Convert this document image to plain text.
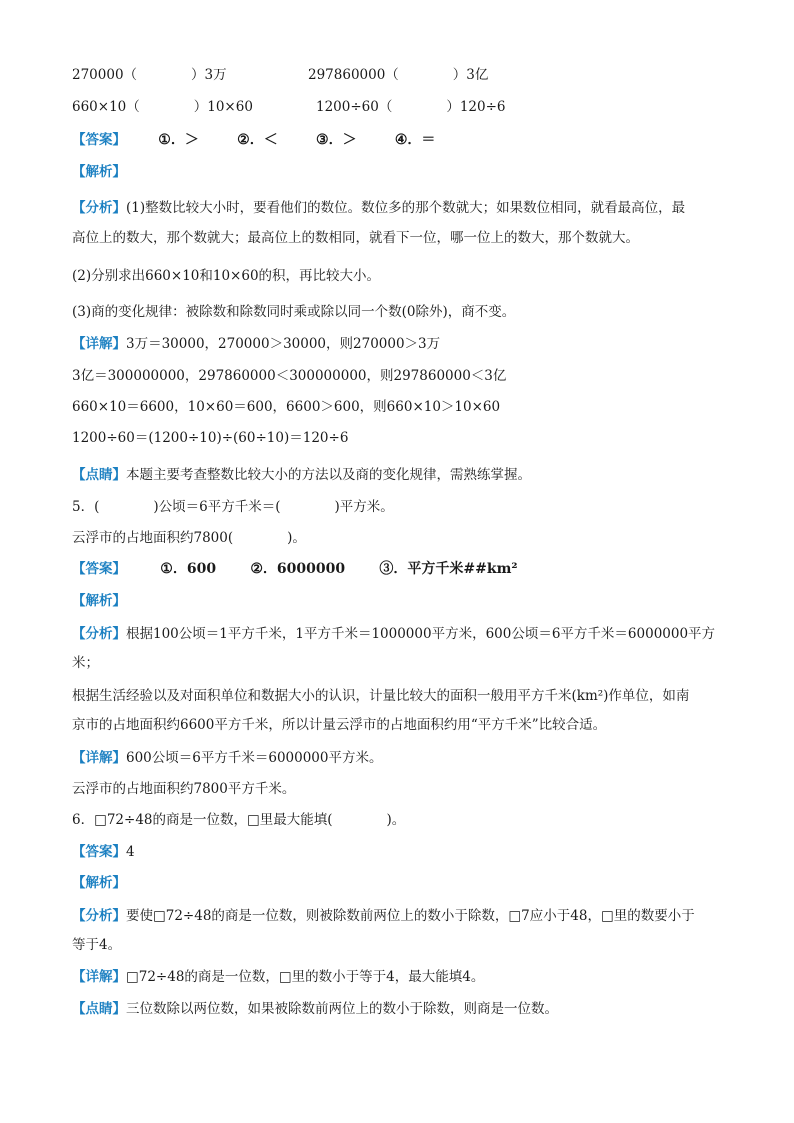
270000（　　　　）3万	297860000（　　　　）3亿
660×10（　　　　）10×60	1200÷60（　　　　）120÷6
【答案】 ①．＞	②．＜	③．＞	④．＝
【解析】
【分析】(1)整数比较大小时，要看他们的数位。数位多的那个数就大；如果数位相同，就看最高位，最
高位上的数大，那个数就大；最高位上的数相同，就看下一位，哪一位上的数大，那个数就大。
(2)分别求出660×10和10×60的积，再比较大小。
(3)商的变化规律：被除数和除数同时乘或除以同一个数(0除外)，商不变。
【详解】3万＝30000，270000＞30000，则270000＞3万
3亿＝300000000，297860000＜300000000，则297860000＜3亿
660×10＝6600，10×60＝600，6600＞600，则660×10＞10×60
1200÷60＝(1200÷10)÷(60÷10)＝120÷6
【点睛】本题主要考查整数比较大小的方法以及商的变化规律，需熟练掌握。
5．(　　　　)公顷＝6平方千米＝(　　　　)平方米。
云浮市的占地面积约7800(　　　　)。
【答案】 ①．600 ②．6000000 ③．平方千米##km²
【解析】
【分析】根据100公顷＝1平方千米，1平方千米＝1000000平方米，600公顷＝6平方千米＝6000000平方
米；
根据生活经验以及对面积单位和数据大小的认识，计量比较大的面积一般用平方千米(km²)作单位，如南
京市的占地面积约6600平方千米，所以计量云浮市的占地面积约用“平方千米”比较合适。
【详解】600公顷＝6平方千米＝6000000平方米。
云浮市的占地面积约7800平方千米。
6．□72÷48的商是一位数，□里最大能填(　　　　)。
【答案】4
【解析】
【分析】要使□72÷48的商是一位数，则被除数前两位上的数小于除数，□7应小于48，□里的数要小于
等于4。
【详解】□72÷48的商是一位数，□里的数小于等于4，最大能填4。
【点睛】三位数除以两位数，如果被除数前两位上的数小于除数，则商是一位数。
